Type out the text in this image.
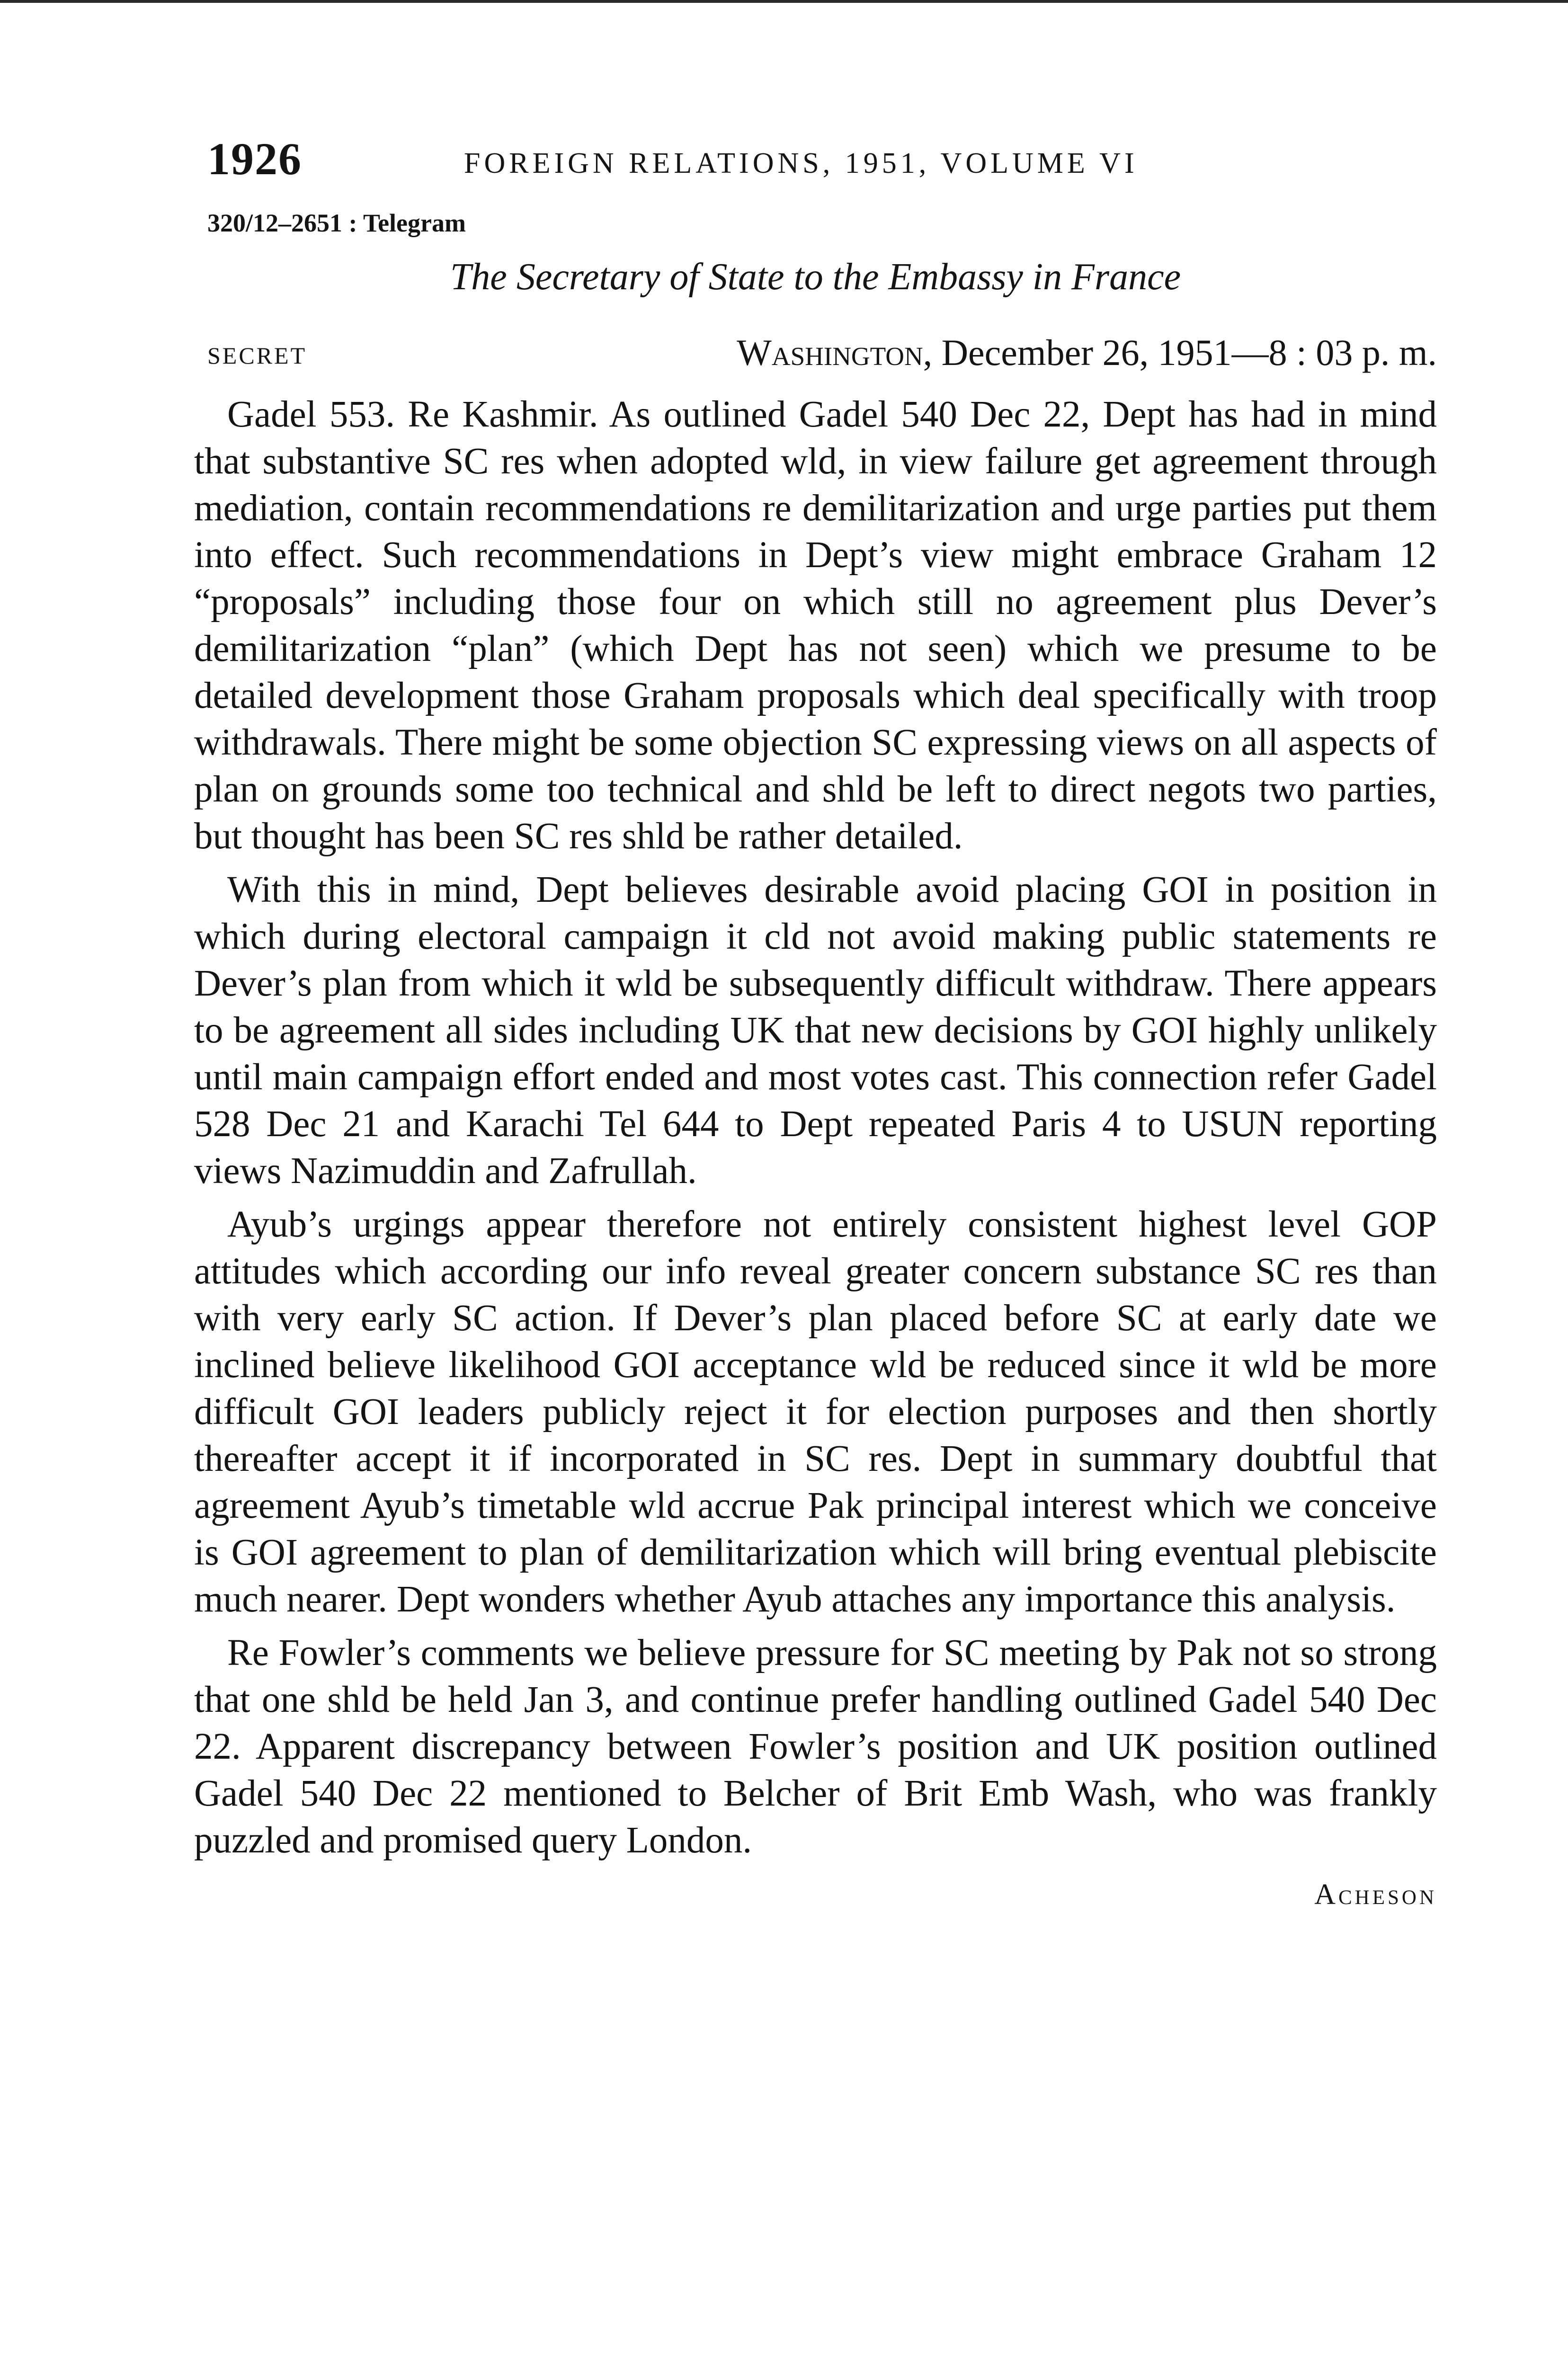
1926	FOREIGN RELATIONS, 1951, VOLUME VI
320/12–2651 : Telegram
The Secretary of State to the Embassy in France
SECRET	Washington, December 26, 1951—8 : 03 p. m.

Gadel 553. Re Kashmir. As outlined Gadel 540 Dec 22, Dept has had in mind that substantive SC res when adopted wld, in view failure get agreement through mediation, contain recommendations re demilitarization and urge parties put them into effect. Such recommendations in Dept’s view might embrace Graham 12 “proposals” including those four on which still no agreement plus Dever’s demilitarization “plan” (which Dept has not seen) which we presume to be detailed development those Graham proposals which deal specifically with troop withdrawals. There might be some objection SC expressing views on all aspects of plan on grounds some too technical and shld be left to direct negots two parties, but thought has been SC res shld be rather detailed.

With this in mind, Dept believes desirable avoid placing GOI in position in which during electoral campaign it cld not avoid making public statements re Dever’s plan from which it wld be subsequently difficult withdraw. There appears to be agreement all sides including UK that new decisions by GOI highly unlikely until main campaign effort ended and most votes cast. This connection refer Gadel 528 Dec 21 and Karachi Tel 644 to Dept repeated Paris 4 to USUN reporting views Nazimuddin and Zafrullah.

Ayub’s urgings appear therefore not entirely consistent highest level GOP attitudes which according our info reveal greater concern substance SC res than with very early SC action. If Dever’s plan placed before SC at early date we inclined believe likelihood GOI acceptance wld be reduced since it wld be more difficult GOI leaders publicly reject it for election purposes and then shortly thereafter accept it if incorporated in SC res. Dept in summary doubtful that agreement Ayub’s timetable wld accrue Pak principal interest which we conceive is GOI agreement to plan of demilitarization which will bring eventual plebiscite much nearer. Dept wonders whether Ayub attaches any importance this analysis.

Re Fowler’s comments we believe pressure for SC meeting by Pak not so strong that one shld be held Jan 3, and continue prefer handling outlined Gadel 540 Dec 22. Apparent discrepancy between Fowler’s position and UK position outlined Gadel 540 Dec 22 mentioned to Belcher of Brit Emb Wash, who was frankly puzzled and promised query London.

Acheson
